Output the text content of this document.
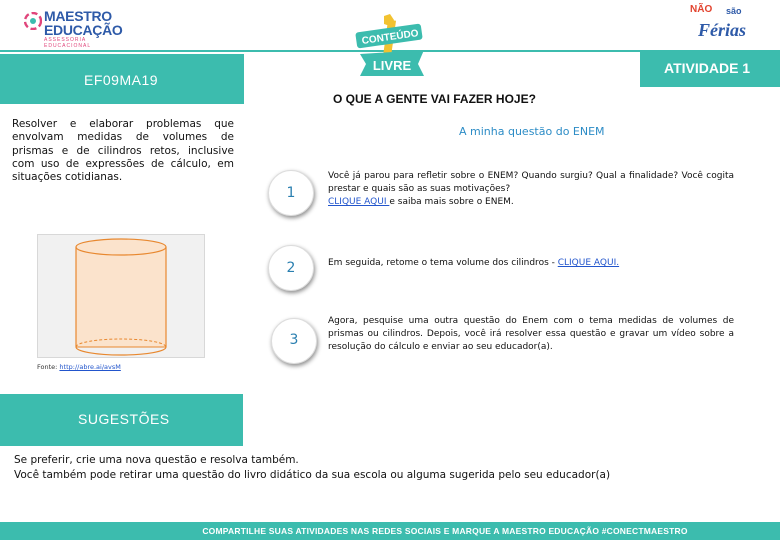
MAESTRO
EDUCAÇÃO
ASSESSORIA EDUCACIONAL	CONTEÚDO
LIVRE
NÃO são
Férias
EF09MA19
ATIVIDADE 1
O QUE A GENTE VAI FAZER HOJE?
Resolver e elaborar problemas que envolvam medidas de volumes de prismas e de cilindros retos, inclusive com uso de expressões de cálculo, em situações cotidianas.
Fonte: http://abre.ai/avsM
A minha questão do ENEM
1
Você já parou para refletir sobre o ENEM? Quando surgiu? Qual a finalidade? Você cogita prestar e quais são as suas motivações?
CLIQUE AQUI e saiba mais sobre o ENEM.
2	Em seguida, retome o tema volume dos cilindros - CLIQUE AQUI.
3
Agora, pesquise uma outra questão do Enem com o tema medidas de volumes de prismas ou cilindros. Depois, você irá resolver essa questão e gravar um vídeo sobre a resolução do cálculo e enviar ao seu educador(a).
SUGESTÕES
Se preferir, crie uma nova questão e resolva também.
Você também pode retirar uma questão do livro didático da sua escola ou alguma sugerida pelo seu educador(a)
COMPARTILHE SUAS ATIVIDADES NAS REDES SOCIAIS E MARQUE A MAESTRO EDUCAÇÃO #CONECTMAESTRO
